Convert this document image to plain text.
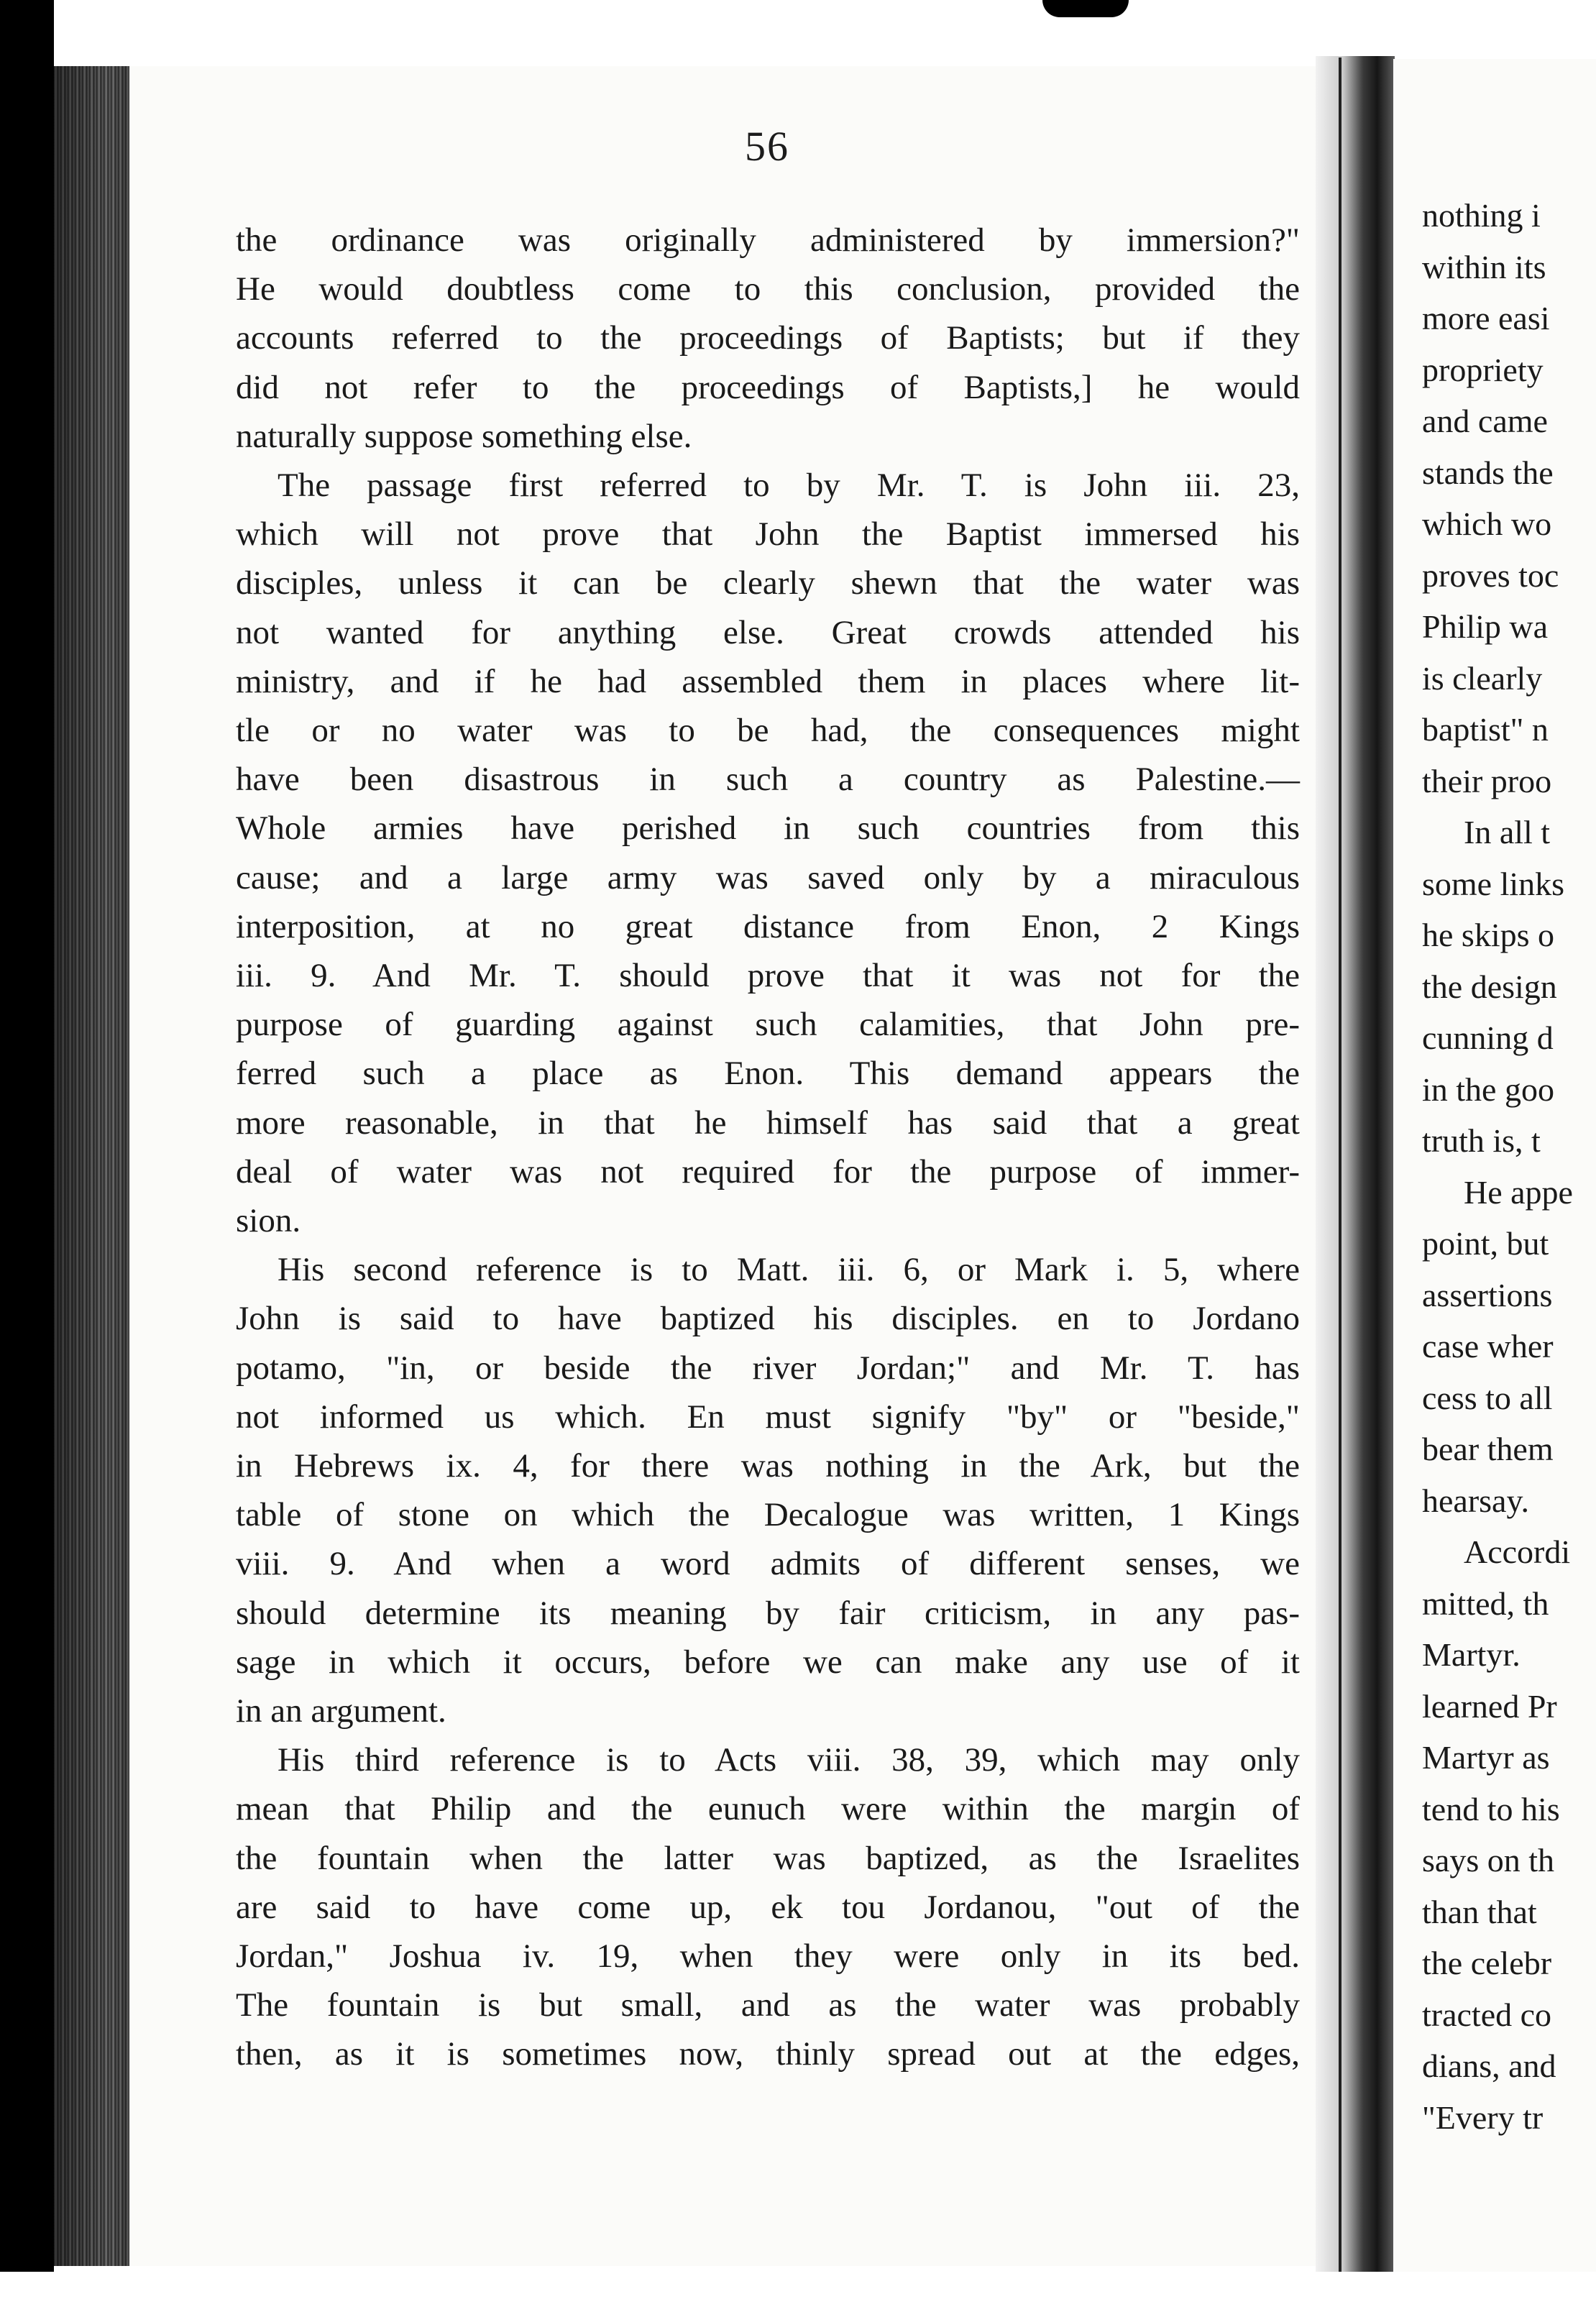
56
the ordinance was originally administered by immersion?"
He would doubtless come to this conclusion, provided the
accounts referred to the proceedings of Baptists; but if they
did not refer to the proceedings of Baptists,] he would
naturally suppose something else.
The passage first referred to by Mr. T. is John iii. 23,
which will not prove that John the Baptist immersed his
disciples, unless it can be clearly shewn that the water was
not wanted for anything else. Great crowds attended his
ministry, and if he had assembled them in places where lit-
tle or no water was to be had, the consequences might
have been disastrous in such a country as Palestine.—
Whole armies have perished in such countries from this
cause; and a large army was saved only by a miraculous
interposition, at no great distance from Enon, 2 Kings
iii. 9. And Mr. T. should prove that it was not for the
purpose of guarding against such calamities, that John pre-
ferred such a place as Enon. This demand appears the
more reasonable, in that he himself has said that a great
deal of water was not required for the purpose of immer-
sion.
His second reference is to Matt. iii. 6, or Mark i. 5, where
John is said to have baptized his disciples. en to Jordano
potamo, "in, or beside the river Jordan;" and Mr. T. has
not informed us which. En must signify "by" or "beside,"
in Hebrews ix. 4, for there was nothing in the Ark, but the
table of stone on which the Decalogue was written, 1 Kings
viii. 9. And when a word admits of different senses, we
should determine its meaning by fair criticism, in any pas-
sage in which it occurs, before we can make any use of it
in an argument.
His third reference is to Acts viii. 38, 39, which may only
mean that Philip and the eunuch were within the margin of
the fountain when the latter was baptized, as the Israelites
are said to have come up, ek tou Jordanou, "out of the
Jordan," Joshua iv. 19, when they were only in its bed.
The fountain is but small, and as the water was probably
then, as it is sometimes now, thinly spread out at the edges,
nothing i
within its
more easi
propriety
and came
stands the
which wo
proves toc
Philip wa
is clearly
baptist" n
their proo
In all t
some links
he skips o
the design
cunning d
in the goo
truth is, t
He appe
point, but
assertions
case wher
cess to all
bear them
hearsay.
Accordi
mitted, th
Martyr.
learned Pr
Martyr as
tend to his
says on th
than that
the celebr
tracted co
dians, and
"Every tr
